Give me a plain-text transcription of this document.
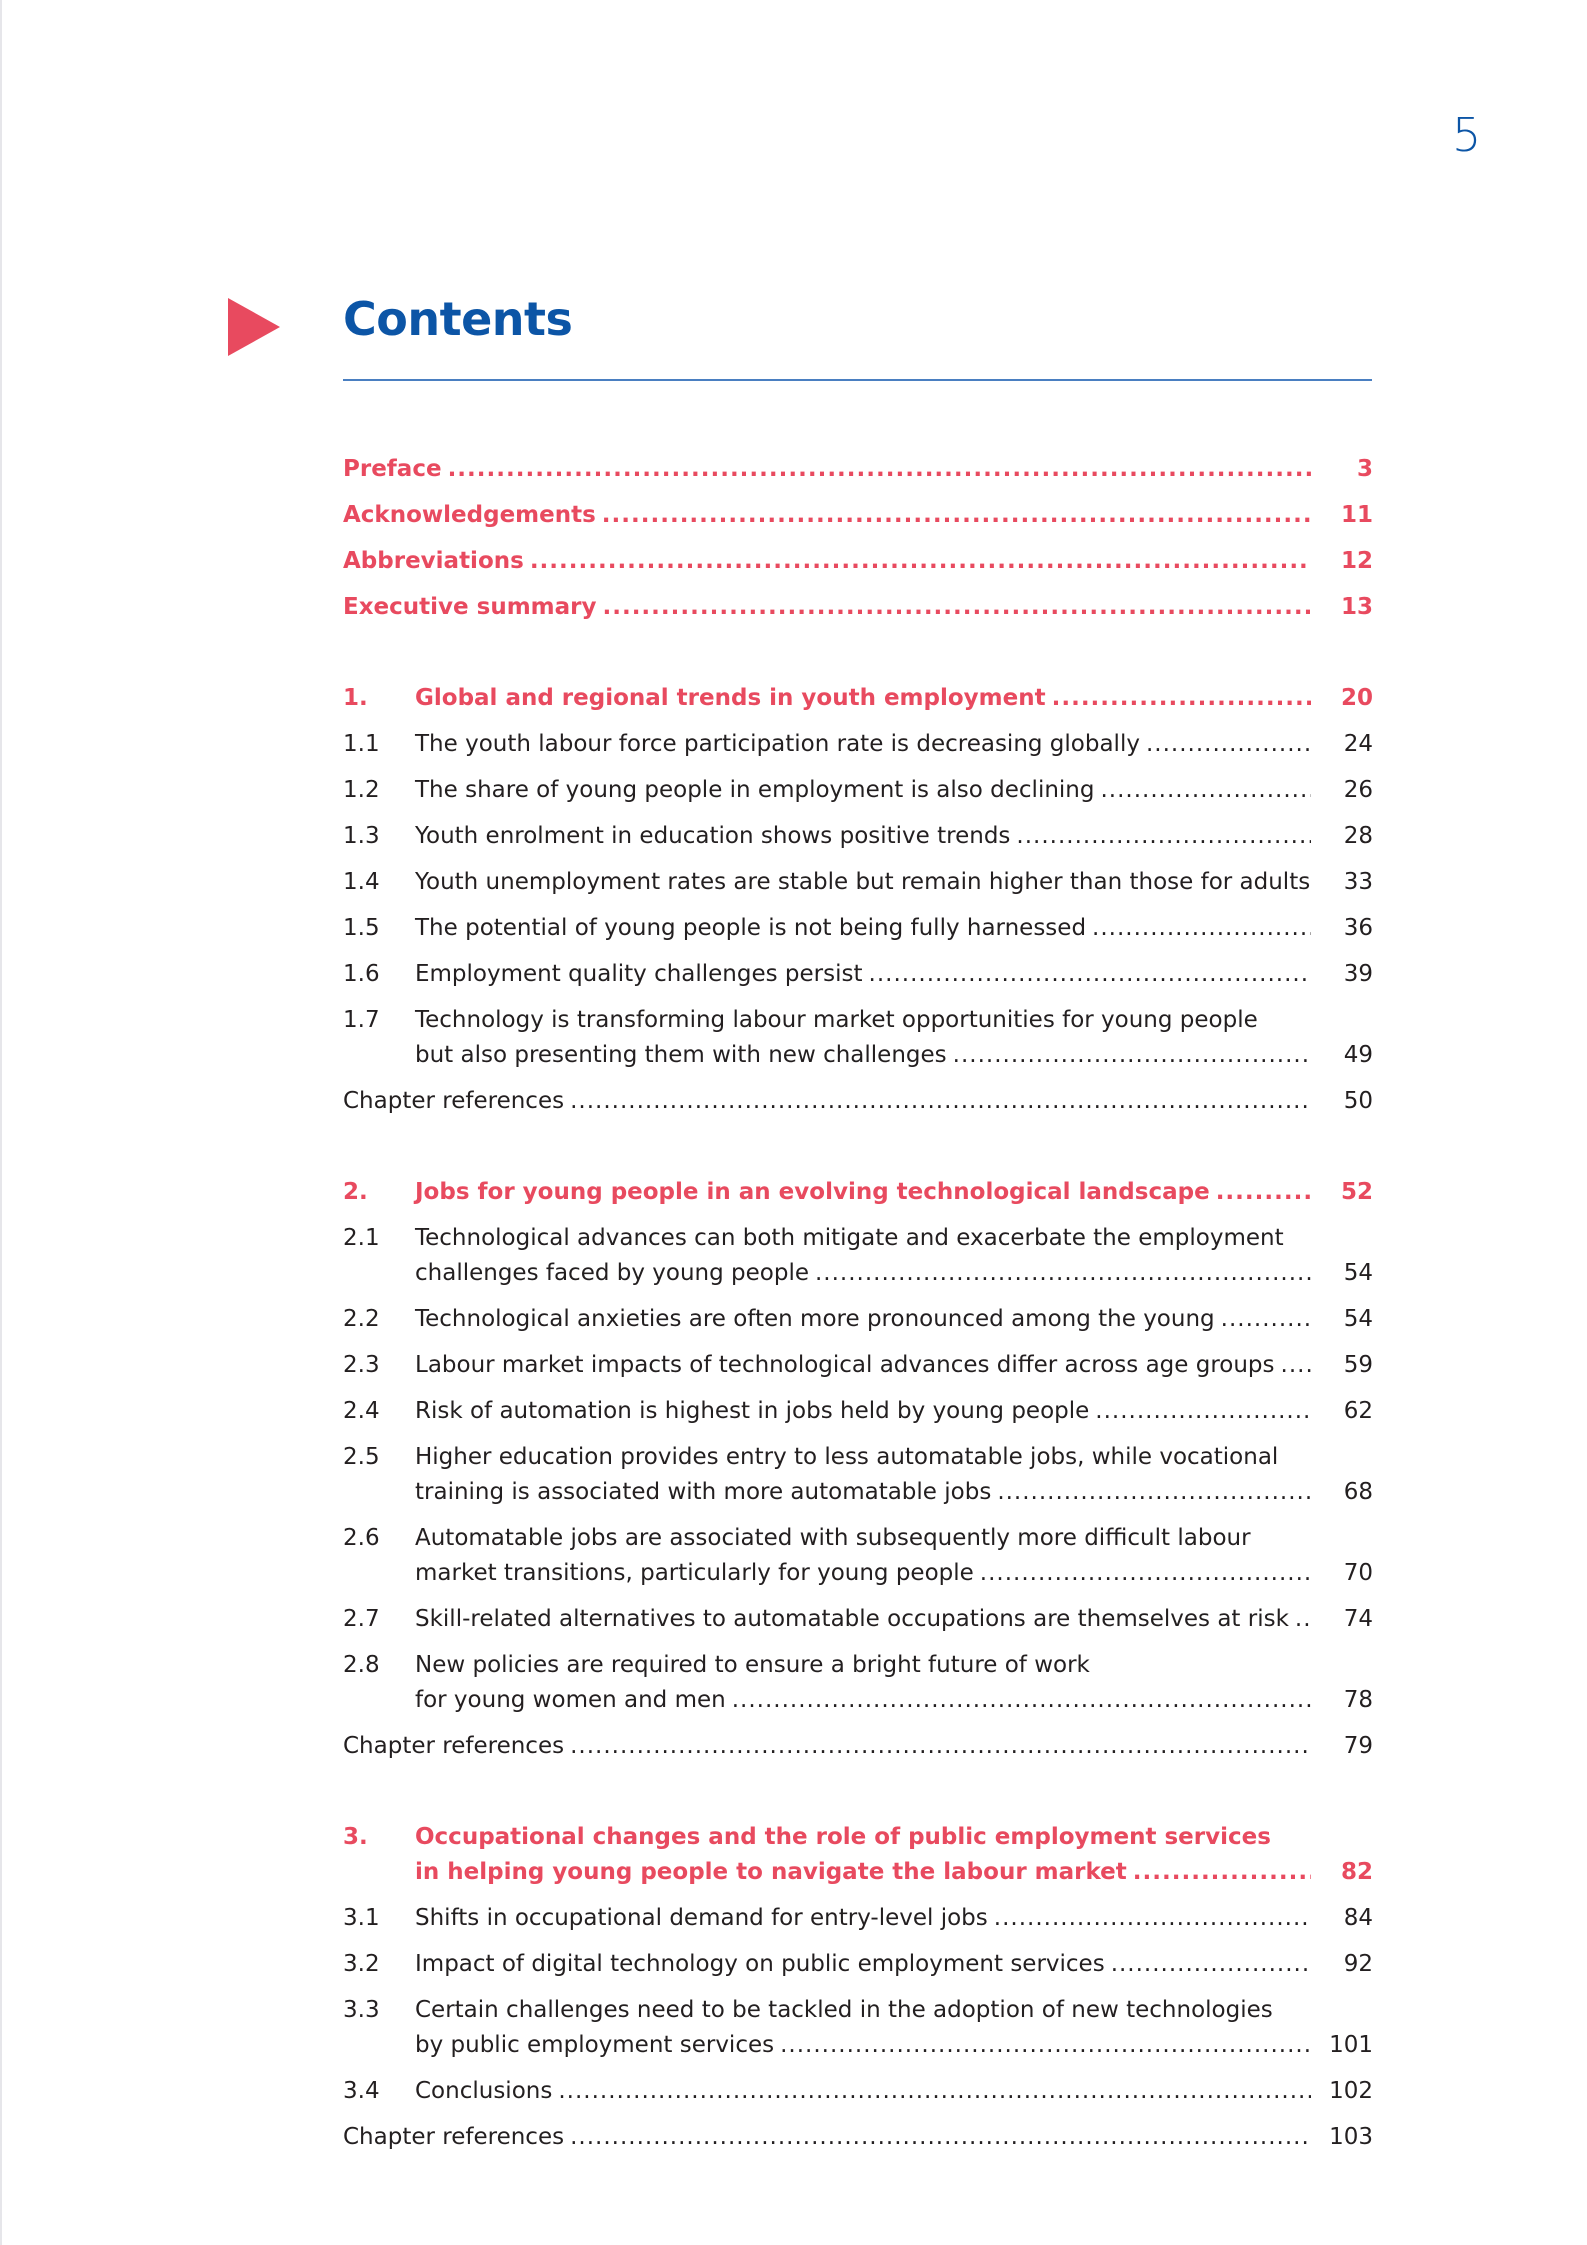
5
Contents
Preface .....	3
Acknowledgements .....	11
Abbreviations .....	12
Executive summary .....	13
1.	Global and regional trends in youth employment .....	20
1.1	The youth labour force participation rate is decreasing globally .....	24
1.2	The share of young people in employment is also declining .....	26
1.3	Youth enrolment in education shows positive trends .....	28
1.4	Youth unemployment rates are stable but remain higher than those for adults	33
1.5	The potential of young people is not being fully harnessed .....	36
1.6	Employment quality challenges persist .....	39
1.7	Technology is transforming labour market opportunities for young people
but also presenting them with new challenges .....	49
Chapter references .....	50
2.	Jobs for young people in an evolving technological landscape .....	52
2.1	Technological advances can both mitigate and exacerbate the employment
challenges faced by young people .....	54
2.2	Technological anxieties are often more pronounced among the young .....	54
2.3	Labour market impacts of technological advances differ across age groups .....	59
2.4	Risk of automation is highest in jobs held by young people .....	62
2.5	Higher education provides entry to less automatable jobs, while vocational
training is associated with more automatable jobs .....	68
2.6	Automatable jobs are associated with subsequently more difficult labour
market transitions, particularly for young people .....	70
2.7	Skill-related alternatives to automatable occupations are themselves at risk .....	74
2.8	New policies are required to ensure a bright future of work
for young women and men .....	78
Chapter references .....	79
3.	Occupational changes and the role of public employment services
in helping young people to navigate the labour market .....	82
3.1	Shifts in occupational demand for entry-level jobs .....	84
3.2	Impact of digital technology on public employment services .....	92
3.3	Certain challenges need to be tackled in the adoption of new technologies
by public employment services .....	101
3.4	Conclusions .....	102
Chapter references .....	103
